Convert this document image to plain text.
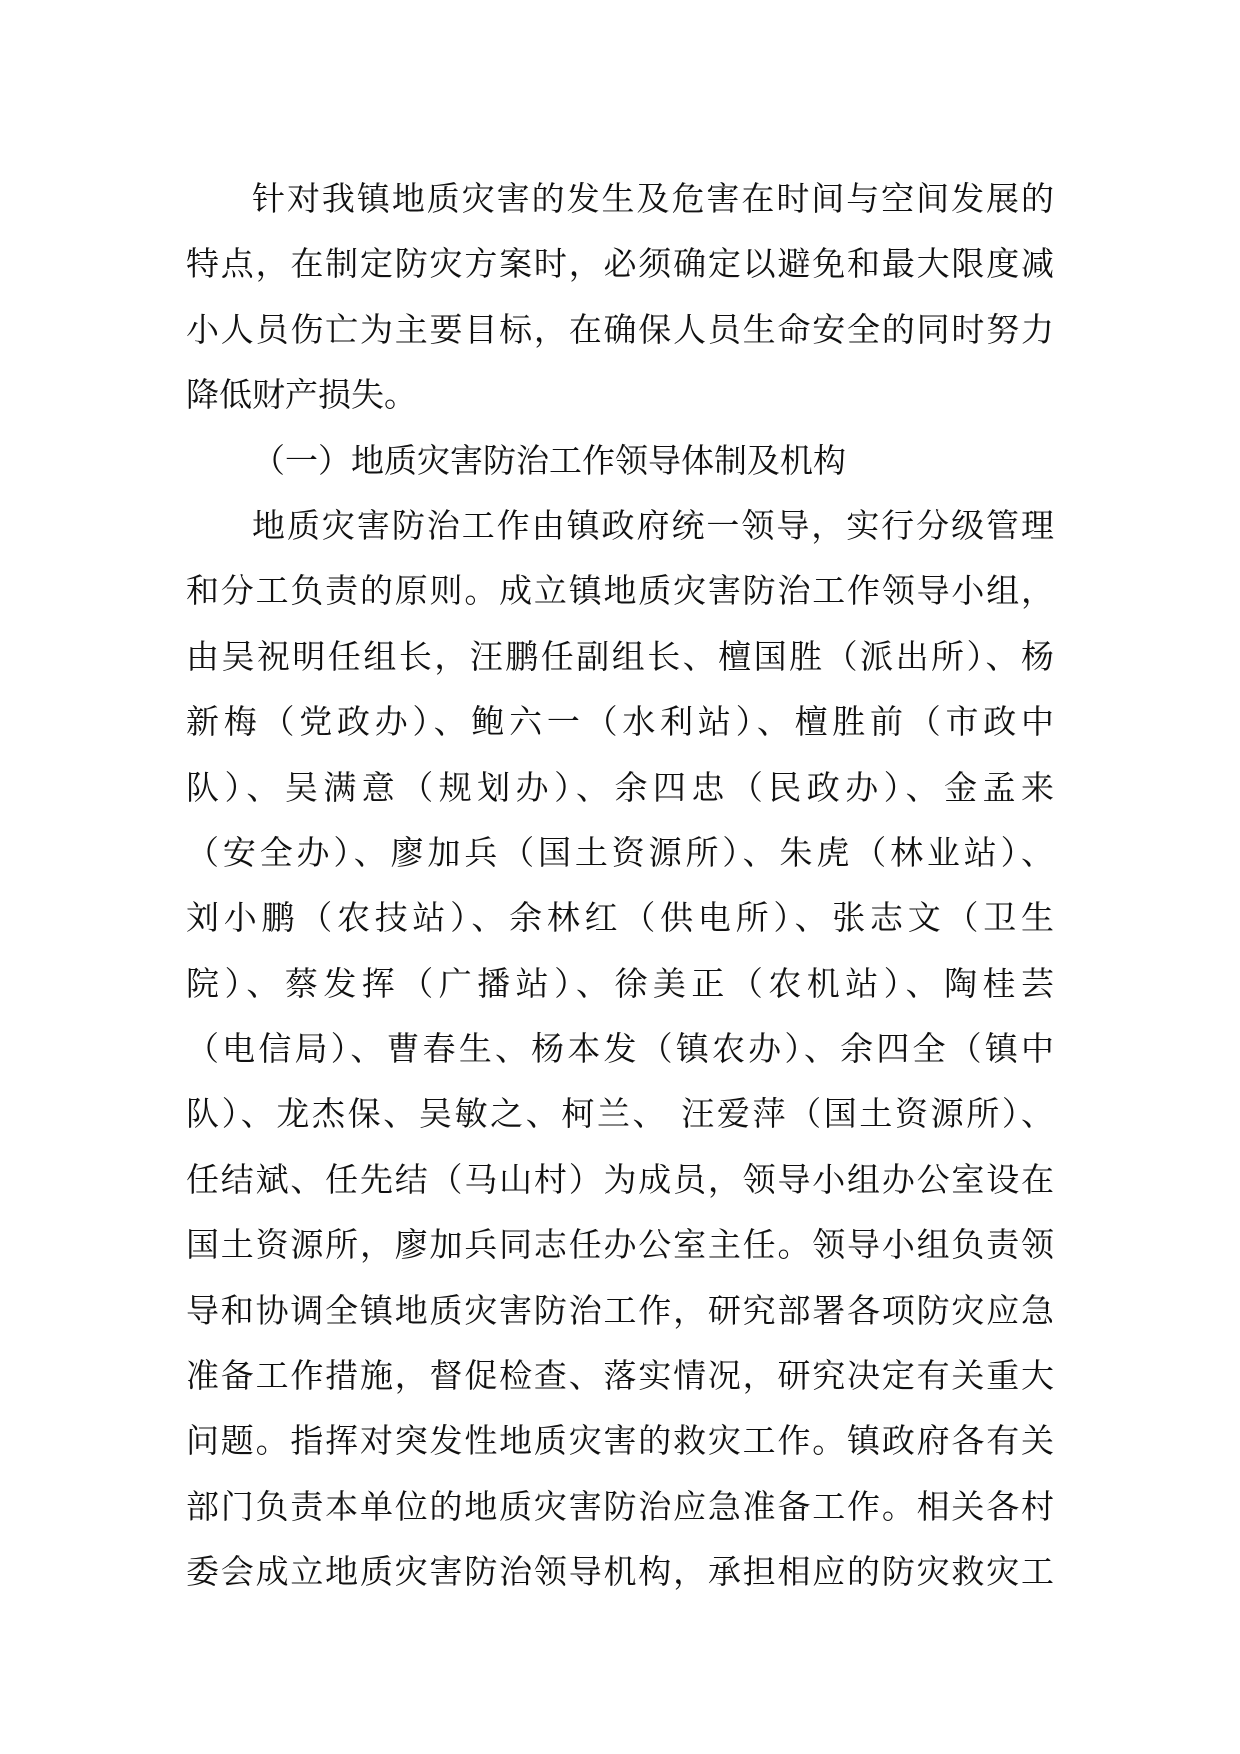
针对我镇地质灾害的发生及危害在时间与空间发展的
特点，在制定防灾方案时，必须确定以避免和最大限度减
小人员伤亡为主要目标，在确保人员生命安全的同时努力
降低财产损失。
（一）地质灾害防治工作领导体制及机构
地质灾害防治工作由镇政府统一领导，实行分级管理
和分工负责的原则。成立镇地质灾害防治工作领导小组，
由吴祝明任组长，汪鹏任副组长、檀国胜（派出所）、杨
新梅（党政办）、鲍六一（水利站）、檀胜前（市政中
队）、吴满意（规划办）、余四忠（民政办）、金孟来
（安全办）、廖加兵（国土资源所）、朱虎（林业站）、
刘小鹏（农技站）、余林红（供电所）、张志文（卫生
院）、蔡发挥（广播站）、徐美正（农机站）、陶桂芸
（电信局）、曹春生、杨本发（镇农办）、余四全（镇中
队）、龙杰保、吴敏之、柯兰、 汪爱萍（国土资源所）、
任结斌、任先结（马山村）为成员，领导小组办公室设在
国土资源所，廖加兵同志任办公室主任。领导小组负责领
导和协调全镇地质灾害防治工作，研究部署各项防灾应急
准备工作措施，督促检查、落实情况，研究决定有关重大
问题。指挥对突发性地质灾害的救灾工作。镇政府各有关
部门负责本单位的地质灾害防治应急准备工作。相关各村
委会成立地质灾害防治领导机构，承担相应的防灾救灾工
